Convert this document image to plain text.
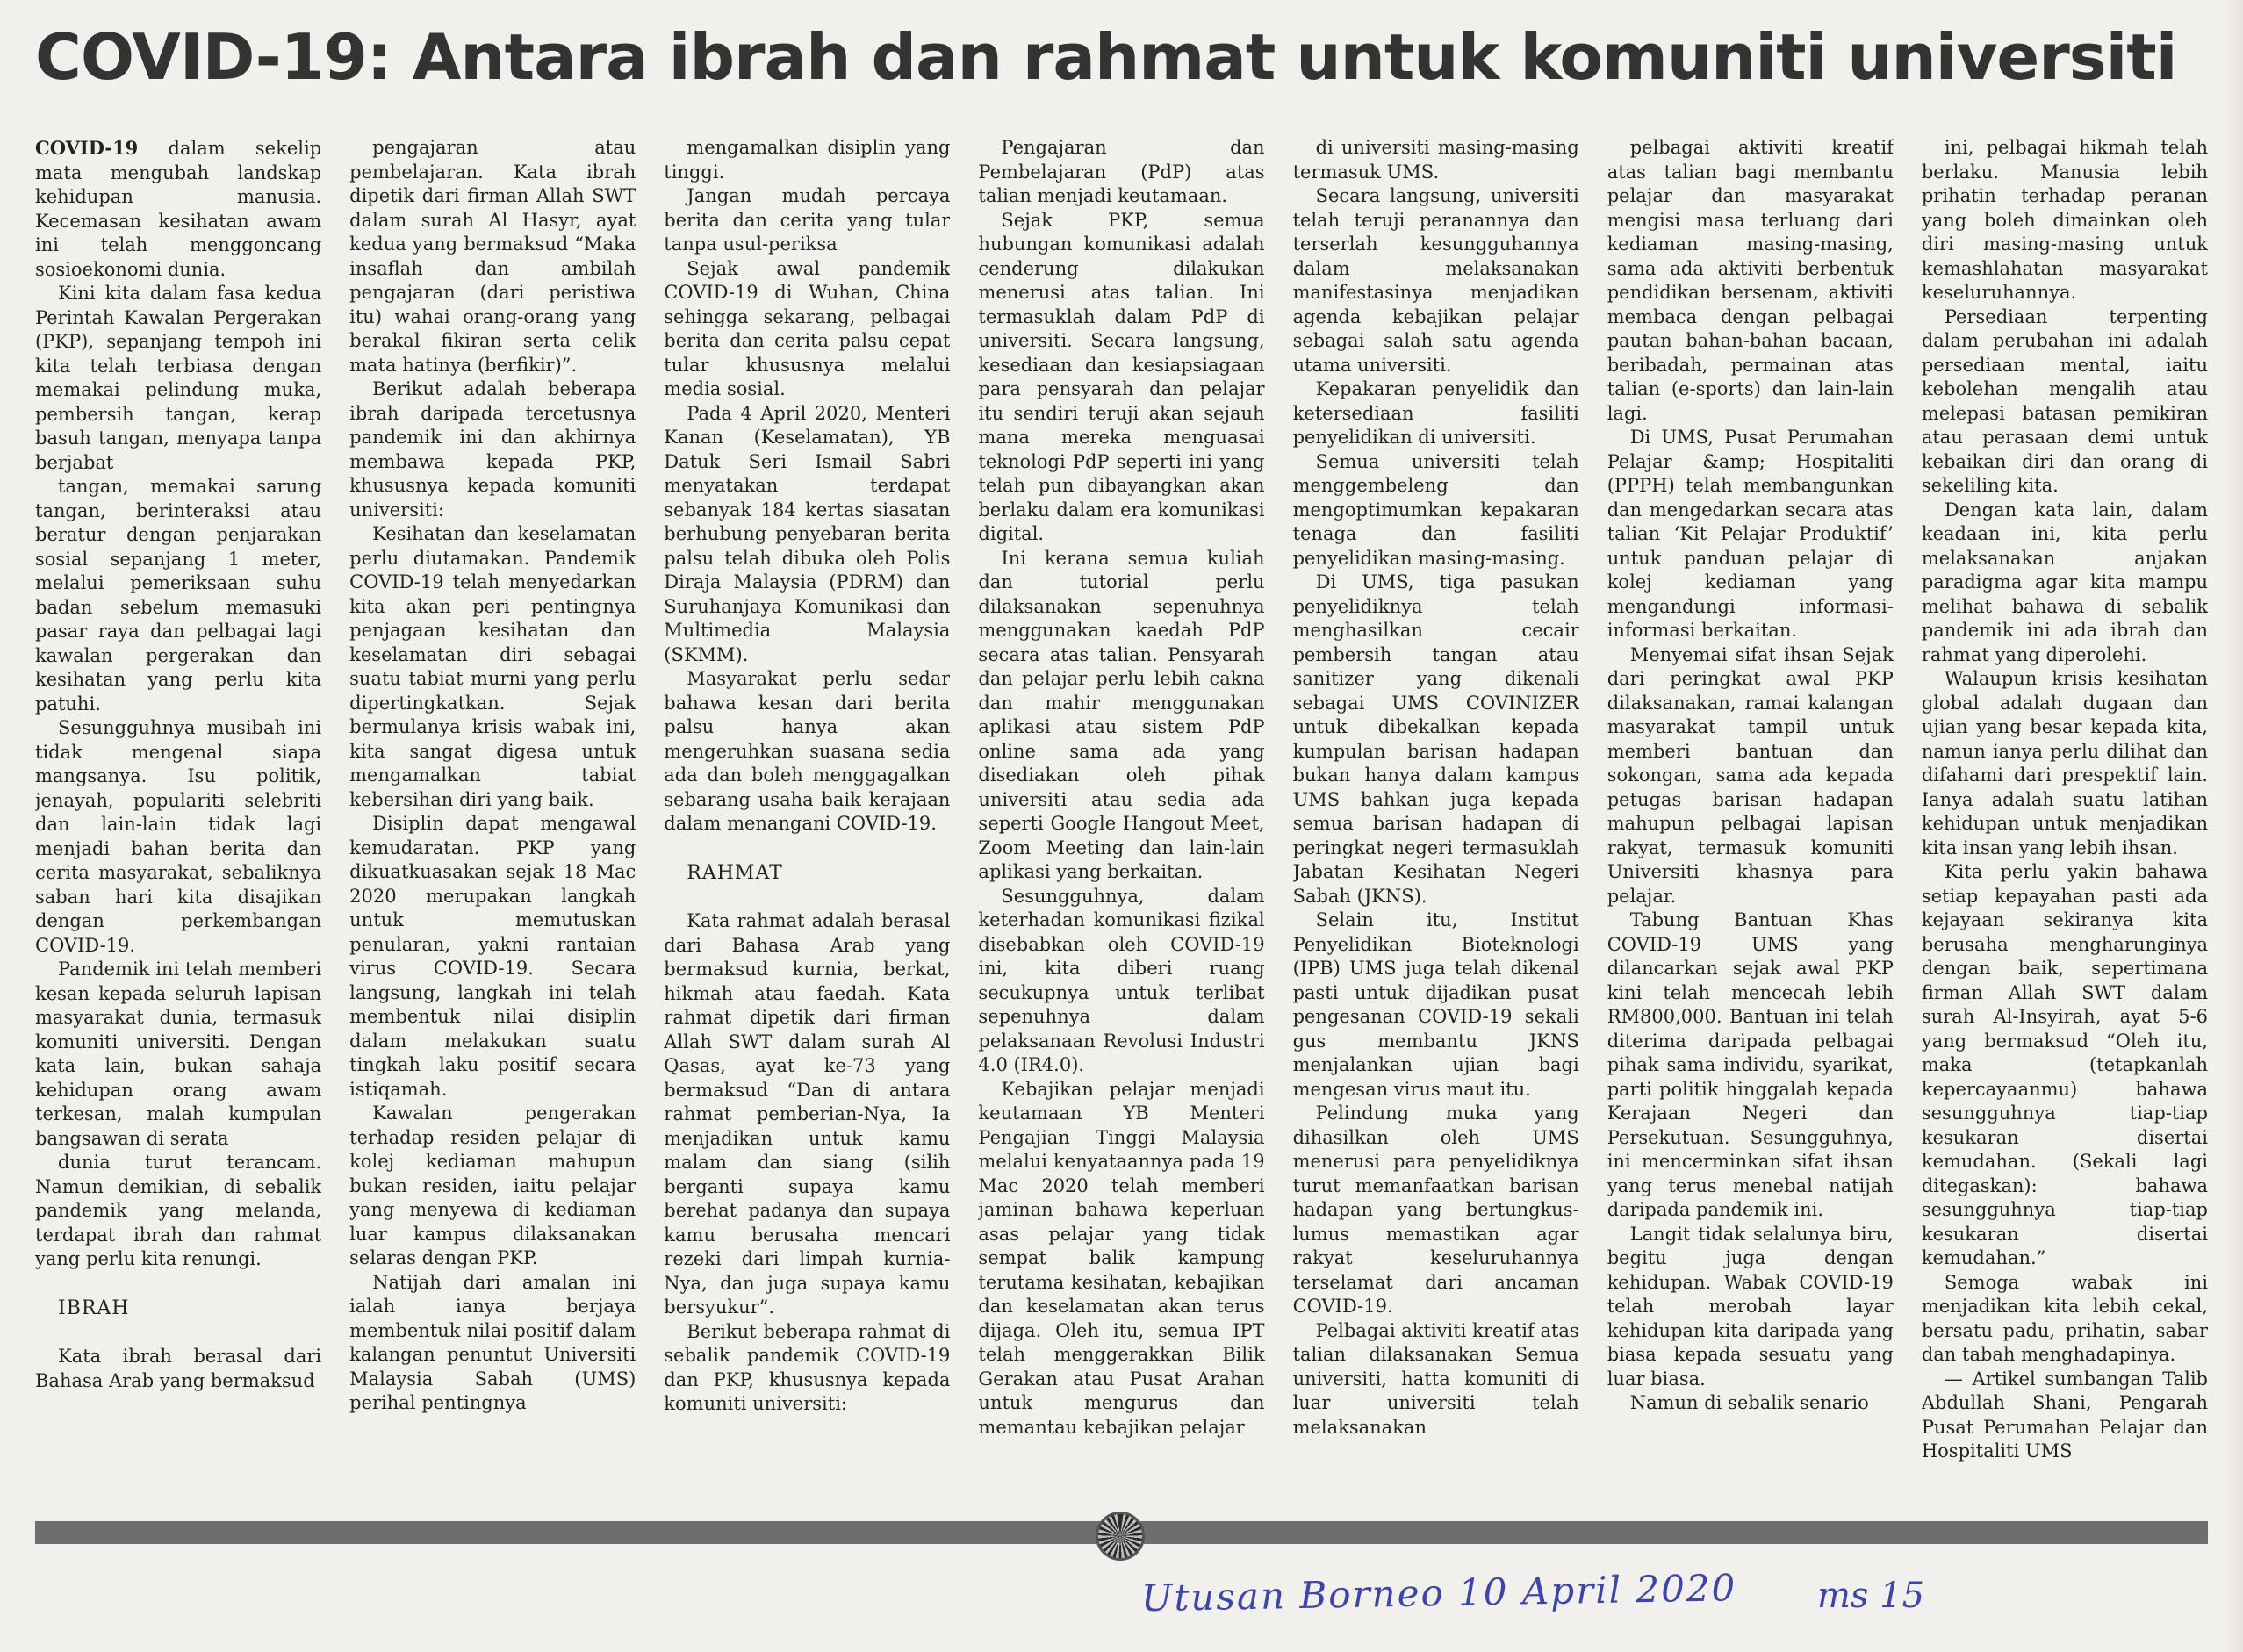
COVID-19: Antara ibrah dan rahmat untuk komuniti universiti

COVID-19 dalam sekelip mata mengubah landskap kehidupan manusia. Kecemasan kesihatan awam ini telah menggoncang sosioekonomi dunia.

Kini kita dalam fasa kedua Perintah Kawalan Pergerakan (PKP), sepanjang tempoh ini kita telah terbiasa dengan memakai pelindung muka, pembersih tangan, kerap basuh tangan, menyapa tanpa berjabat

tangan, memakai sarung tangan, berinteraksi atau beratur dengan penjarakan sosial sepanjang 1 meter, melalui pemeriksaan suhu badan sebelum memasuki pasar raya dan pelbagai lagi kawalan pergerakan dan kesihatan yang perlu kita patuhi.

Sesungguhnya musibah ini tidak mengenal siapa mangsanya. Isu politik, jenayah, populariti selebriti dan lain-lain tidak lagi menjadi bahan berita dan cerita masyarakat, sebaliknya saban hari kita disajikan dengan perkembangan COVID-19.

Pandemik ini telah memberi kesan kepada seluruh lapisan masyarakat dunia, termasuk komuniti universiti. Dengan kata lain, bukan sahaja kehidupan orang awam terkesan, malah kumpulan bangsawan di serata

dunia turut terancam. Namun demikian, di sebalik pandemik yang melanda, terdapat ibrah dan rahmat yang perlu kita renungi.

IBRAH

Kata ibrah berasal dari Bahasa Arab yang bermaksud

pengajaran atau pembelajaran. Kata ibrah dipetik dari firman Allah SWT dalam surah Al Hasyr, ayat kedua yang bermaksud “Maka insaflah dan ambilah pengajaran (dari peristiwa itu) wahai orang-orang yang berakal fikiran serta celik mata hatinya (berfikir)”.

Berikut adalah beberapa ibrah daripada tercetusnya pandemik ini dan akhirnya membawa kepada PKP, khususnya kepada komuniti universiti:

Kesihatan dan keselamatan perlu diutamakan. Pandemik COVID-19 telah menyedarkan kita akan peri pentingnya penjagaan kesihatan dan keselamatan diri sebagai suatu tabiat murni yang perlu dipertingkatkan. Sejak bermulanya krisis wabak ini, kita sangat digesa untuk mengamalkan tabiat kebersihan diri yang baik.

Disiplin dapat mengawal kemudaratan. PKP yang dikuatkuasakan sejak 18 Mac 2020 merupakan langkah untuk memutuskan penularan, yakni rantaian virus COVID-19. Secara langsung, langkah ini telah membentuk nilai disiplin dalam melakukan suatu tingkah laku positif secara istiqamah.

Kawalan pengerakan terhadap residen pelajar di kolej kediaman mahupun bukan residen, iaitu pelajar yang menyewa di kediaman luar kampus dilaksanakan selaras dengan PKP.

Natijah dari amalan ini ialah ianya berjaya membentuk nilai positif dalam kalangan penuntut Universiti Malaysia Sabah (UMS) perihal pentingnya

mengamalkan disiplin yang tinggi.

Jangan mudah percaya berita dan cerita yang tular tanpa usul-periksa

Sejak awal pandemik COVID-19 di Wuhan, China sehingga sekarang, pelbagai berita dan cerita palsu cepat tular khususnya melalui media sosial.

Pada 4 April 2020, Menteri Kanan (Keselamatan), YB Datuk Seri Ismail Sabri menyatakan terdapat sebanyak 184 kertas siasatan berhubung penyebaran berita palsu telah dibuka oleh Polis Diraja Malaysia (PDRM) dan Suruhanjaya Komunikasi dan Multimedia Malaysia (SKMM).

Masyarakat perlu sedar bahawa kesan dari berita palsu hanya akan mengeruhkan suasana sedia ada dan boleh menggagalkan sebarang usaha baik kerajaan dalam menangani COVID-19.

RAHMAT

Kata rahmat adalah berasal dari Bahasa Arab yang bermaksud kurnia, berkat, hikmah atau faedah. Kata rahmat dipetik dari firman Allah SWT dalam surah Al Qasas, ayat ke-73 yang bermaksud “Dan di antara rahmat pemberian-Nya, Ia menjadikan untuk kamu malam dan siang (silih berganti supaya kamu berehat padanya dan supaya kamu berusaha mencari rezeki dari limpah kurnia-Nya, dan juga supaya kamu bersyukur”.

Berikut beberapa rahmat di sebalik pandemik COVID-19 dan PKP, khususnya kepada komuniti universiti:

Pengajaran dan Pembelajaran (PdP) atas talian menjadi keutamaan.

Sejak PKP, semua hubungan komunikasi adalah cenderung dilakukan menerusi atas talian. Ini termasuklah dalam PdP di universiti. Secara langsung, kesediaan dan kesiapsiagaan para pensyarah dan pelajar itu sendiri teruji akan sejauh mana mereka menguasai teknologi PdP seperti ini yang telah pun dibayangkan akan berlaku dalam era komunikasi digital.

Ini kerana semua kuliah dan tutorial perlu dilaksanakan sepenuhnya menggunakan kaedah PdP secara atas talian. Pensyarah dan pelajar perlu lebih cakna dan mahir menggunakan aplikasi atau sistem PdP online sama ada yang disediakan oleh pihak universiti atau sedia ada seperti Google Hangout Meet, Zoom Meeting dan lain-lain aplikasi yang berkaitan.

Sesungguhnya, dalam keterhadan komunikasi fizikal disebabkan oleh COVID-19 ini, kita diberi ruang secukupnya untuk terlibat sepenuhnya dalam pelaksanaan Revolusi Industri 4.0 (IR4.0).

Kebajikan pelajar menjadi keutamaan YB Menteri Pengajian Tinggi Malaysia melalui kenyataannya pada 19 Mac 2020 telah memberi jaminan bahawa keperluan asas pelajar yang tidak sempat balik kampung terutama kesihatan, kebajikan dan keselamatan akan terus dijaga. Oleh itu, semua IPT telah menggerakkan Bilik Gerakan atau Pusat Arahan untuk mengurus dan memantau kebajikan pelajar

di universiti masing-masing termasuk UMS.

Secara langsung, universiti telah teruji peranannya dan terserlah kesungguhannya dalam melaksanakan manifestasinya menjadikan agenda kebajikan pelajar sebagai salah satu agenda utama universiti.

Kepakaran penyelidik dan ketersediaan fasiliti penyelidikan di universiti.

Semua universiti telah menggembeleng dan mengoptimumkan kepakaran tenaga dan fasiliti penyelidikan masing-masing.

Di UMS, tiga pasukan penyelidiknya telah menghasilkan cecair pembersih tangan atau sanitizer yang dikenali sebagai UMS COVINIZER untuk dibekalkan kepada kumpulan barisan hadapan bukan hanya dalam kampus UMS bahkan juga kepada semua barisan hadapan di peringkat negeri termasuklah Jabatan Kesihatan Negeri Sabah (JKNS).

Selain itu, Institut Penyelidikan Bioteknologi (IPB) UMS juga telah dikenal pasti untuk dijadikan pusat pengesanan COVID-19 sekali gus membantu JKNS menjalankan ujian bagi mengesan virus maut itu.

Pelindung muka yang dihasilkan oleh UMS menerusi para penyelidiknya turut memanfaatkan barisan hadapan yang bertungkus-lumus memastikan agar rakyat keseluruhannya terselamat dari ancaman COVID-19.

Pelbagai aktiviti kreatif atas talian dilaksanakan Semua universiti, hatta komuniti di luar universiti telah melaksanakan

pelbagai aktiviti kreatif atas talian bagi membantu pelajar dan masyarakat mengisi masa terluang dari kediaman masing-masing, sama ada aktiviti berbentuk pendidikan bersenam, aktiviti membaca dengan pelbagai pautan bahan-bahan bacaan, beribadah, permainan atas talian (e-sports) dan lain-lain lagi.

Di UMS, Pusat Perumahan Pelajar &amp; Hospitaliti (PPPH) telah membangunkan dan mengedarkan secara atas talian ‘Kit Pelajar Produktif’ untuk panduan pelajar di kolej kediaman yang mengandungi informasi-informasi berkaitan.

Menyemai sifat ihsan Sejak dari peringkat awal PKP dilaksanakan, ramai kalangan masyarakat tampil untuk memberi bantuan dan sokongan, sama ada kepada petugas barisan hadapan mahupun pelbagai lapisan rakyat, termasuk komuniti Universiti khasnya para pelajar.

Tabung Bantuan Khas COVID-19 UMS yang dilancarkan sejak awal PKP kini telah mencecah lebih RM800,000. Bantuan ini telah diterima daripada pelbagai pihak sama individu, syarikat, parti politik hinggalah kepada Kerajaan Negeri dan Persekutuan. Sesungguhnya, ini mencerminkan sifat ihsan yang terus menebal natijah daripada pandemik ini.

Langit tidak selalunya biru, begitu juga dengan kehidupan. Wabak COVID-19 telah merobah layar kehidupan kita daripada yang biasa kepada sesuatu yang luar biasa.

Namun di sebalik senario

ini, pelbagai hikmah telah berlaku. Manusia lebih prihatin terhadap peranan yang boleh dimainkan oleh diri masing-masing untuk kemashlahatan masyarakat keseluruhannya.

Persediaan terpenting dalam perubahan ini adalah persediaan mental, iaitu kebolehan mengalih atau melepasi batasan pemikiran atau perasaan demi untuk kebaikan diri dan orang di sekeliling kita.

Dengan kata lain, dalam keadaan ini, kita perlu melaksanakan anjakan paradigma agar kita mampu melihat bahawa di sebalik pandemik ini ada ibrah dan rahmat yang diperolehi.

Walaupun krisis kesihatan global adalah dugaan dan ujian yang besar kepada kita, namun ianya perlu dilihat dan difahami dari prespektif lain. Ianya adalah suatu latihan kehidupan untuk menjadikan kita insan yang lebih ihsan.

Kita perlu yakin bahawa setiap kepayahan pasti ada kejayaan sekiranya kita berusaha mengharunginya dengan baik, sepertimana firman Allah SWT dalam surah Al-Insyirah, ayat 5-6 yang bermaksud “Oleh itu, maka (tetapkanlah kepercayaanmu) bahawa sesungguhnya tiap-tiap kesukaran disertai kemudahan. (Sekali lagi ditegaskan): bahawa sesungguhnya tiap-tiap kesukaran disertai kemudahan.”

Semoga wabak ini menjadikan kita lebih cekal, bersatu padu, prihatin, sabar dan tabah menghadapinya.

— Artikel sumbangan Talib Abdullah Shani, Pengarah Pusat Perumahan Pelajar dan Hospitaliti UMS

Utusan Borneo 10 April 2020	ms 15
